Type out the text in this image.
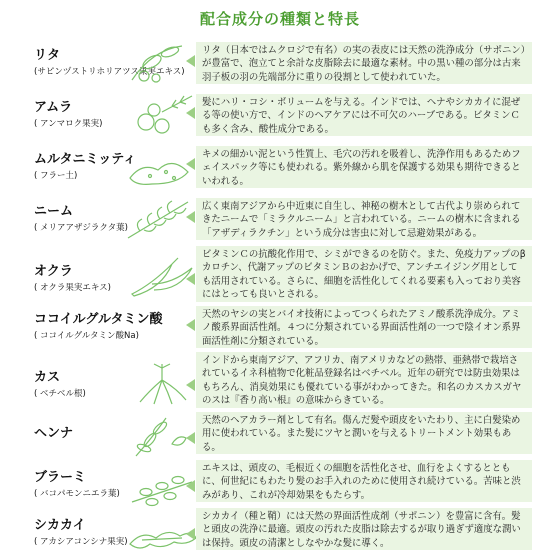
配合成分の種類と特長
リタ
(サピンヅストリホリアツス果実エキス)
リタ（日本ではムクロジで有名）の実の表皮には天然の洗浄成分（サポニン）が豊富で、泡立てと余計な皮脂除去に最適な素材。中の黒い種の部分は古来羽子板の羽の先端部分に重りの役割として使われていた。
アムラ
( アンマロク果実)
髪にハリ・コシ・ボリュームを与える。インドでは、ヘナやシカカイに混ぜる等の使い方で、インドのヘアケアには不可欠のハーブである。ビタミンＣも多く含み、酸性成分である。
ムルタニミッティ
( フラー土)
キメの細かい泥という性質上、毛穴の汚れを吸着し、洗浄作用もあるためフェイスパック等にも使われる。紫外線から肌を保護する効果も期待できるといわれる。
ニーム
( メリアアザジラクタ葉)
広く東南アジアから中近東に自生し、神秘の樹木として古代より崇められてきたニームで「ミラクルニーム」と言われている。ニームの樹木に含まれる「アザディラクチン」という成分は害虫に対して忌避効果がある。
オクラ
( オクラ果実エキス)
ビタミンＣの抗酸化作用で、シミができるのを防ぐ。また、免疫力アップのβカロチン、代謝アップのビタミンＢのおかげで、アンチエイジング用としても活用されている。さらに、細胞を活性化してくれる要素も入っており美容にはとっても良いとされる。
ココイルグルタミン酸
( ココイルグルタミン酸Na)
天然のヤシの実とバイオ技術によってつくられたアミノ酸系洗浄成分。アミノ酸系界面活性剤。４つに分類されている界面活性剤の一つで陰イオン系界面活性剤に分類されている。
カス
( ベチベル根)
インドから東南アジア、アフリカ、南アメリカなどの熱帯、亜熱帯で栽培されているイネ科植物で化粧品登録名はベチベル。近年の研究では防虫効果はもちろん、消臭効果にも優れている事がわかってきた。和名のカスカスガヤのスは『香り高い根』の意味からきている。
ヘンナ
天然のヘアカラー剤として有名。傷んだ髪や頭皮をいたわり、主に白髪染め用に使われている。また髪にツヤと潤いを与えるトリートメント効果もある。
ブラーミ
( バコパモンニエラ葉)
エキスは、頭皮の、毛根近くの細胞を活性化させ、血行をよくするとともに、何世紀にもわたり髪のお手入れのために使用され続けている。苦味と渋みがあり、これが冷却効果をもたらす。
シカカイ
( アカシアコンシナ果実)
シカカイ（種と鞘）には天然の界面活性成剤（サポニン）を豊富に含有。髪と頭皮の洗浄に最適。頭皮の汚れた皮脂は除去するが取り過ぎず適度な潤いは保持。頭皮の清潔としなやかな髪に導く。
